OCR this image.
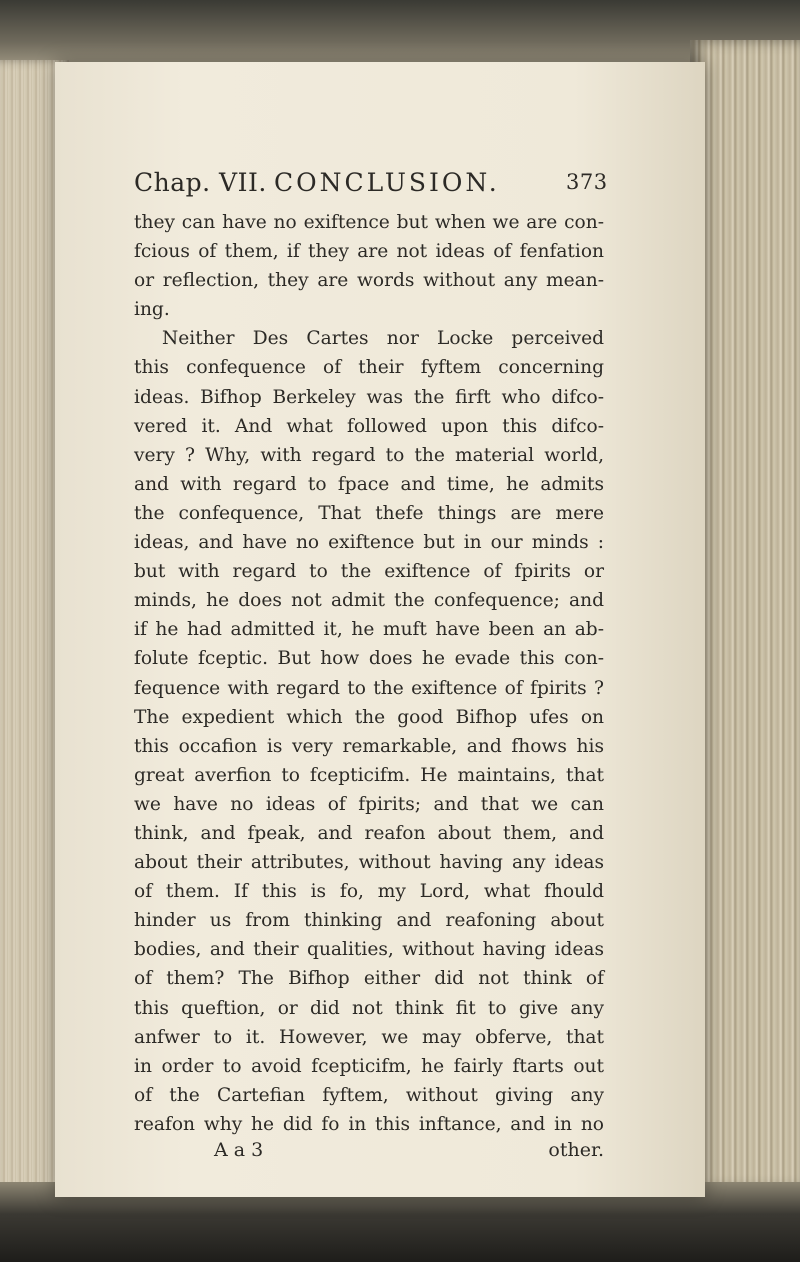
Chap. VII. CONCLUSION.	373
they can have no exiftence but when we are con-
fcious of them, if they are not ideas of fenfation
or reflection, they are words without any mean-
ing.
Neither Des Cartes nor Locke perceived
this confequence of their fyftem concerning
ideas. Bifhop Berkeley was the firft who difco-
vered it. And what followed upon this difco-
very ? Why, with regard to the material world,
and with regard to fpace and time, he admits
the confequence, That thefe things are mere
ideas, and have no exiftence but in our minds :
but with regard to the exiftence of fpirits or
minds, he does not admit the confequence; and
if he had admitted it, he muft have been an ab-
folute fceptic. But how does he evade this con-
fequence with regard to the exiftence of fpirits ?
The expedient which the good Bifhop ufes on
this occafion is very remarkable, and fhows his
great averfion to fcepticifm. He maintains, that
we have no ideas of fpirits; and that we can
think, and fpeak, and reafon about them, and
about their attributes, without having any ideas
of them. If this is fo, my Lord, what fhould
hinder us from thinking and reafoning about
bodies, and their qualities, without having ideas
of them? The Bifhop either did not think of
this queftion, or did not think fit to give any
anfwer to it. However, we may obferve, that
in order to avoid fcepticifm, he fairly ftarts out
of the Cartefian fyftem, without giving any
reafon why he did fo in this inftance, and in no
A a 3	other.
